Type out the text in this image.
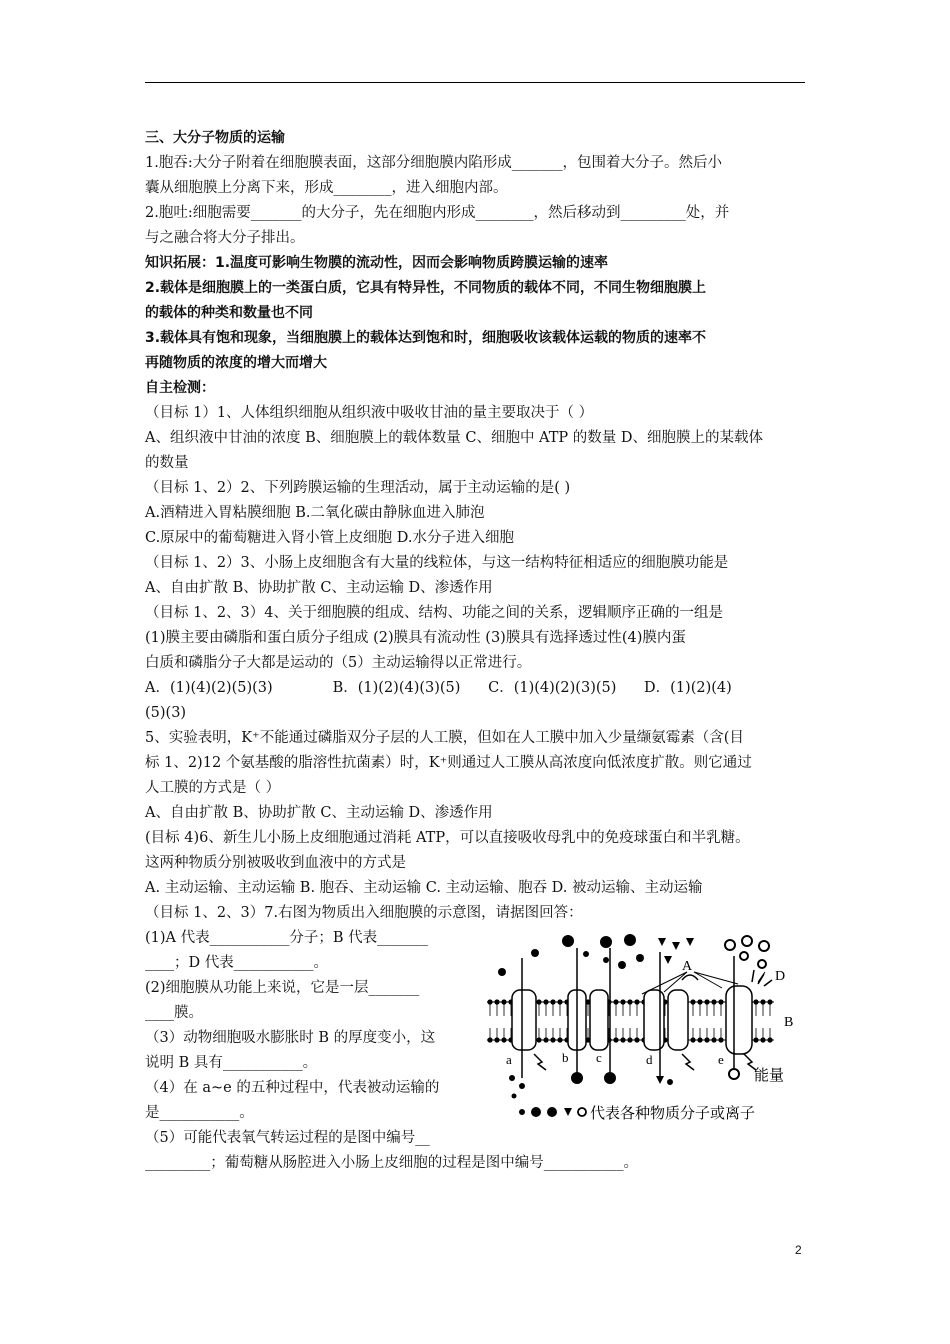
三、大分子物质的运输
1.胞吞:大分子附着在细胞膜表面，这部分细胞膜内陷形成_______，包围着大分子。然后小
囊从细胞膜上分离下来，形成________，进入细胞内部。
2.胞吐:细胞需要_______的大分子，先在细胞内形成________，然后移动到_________处，并
与之融合将大分子排出。
知识拓展：1.温度可影响生物膜的流动性，因而会影响物质跨膜运输的速率
2.载体是细胞膜上的一类蛋白质，它具有特异性，不同物质的载体不同，不同生物细胞膜上
的载体的种类和数量也不同
3.载体具有饱和现象，当细胞膜上的载体达到饱和时，细胞吸收该载体运载的物质的速率不
再随物质的浓度的增大而增大
自主检测：
（目标 1）1、人体组织细胞从组织液中吸收甘油的量主要取决于（ ）
A、组织液中甘油的浓度 B、细胞膜上的载体数量 C、细胞中 ATP 的数量 D、细胞膜上的某载体
的数量
（目标 1、2）2、下列跨膜运输的生理活动，属于主动运输的是( )
A.酒精进入胃粘膜细胞 B.二氧化碳由静脉血进入肺泡
C.原尿中的葡萄糖进入肾小管上皮细胞 D.水分子进入细胞
（目标 1、2）3、小肠上皮细胞含有大量的线粒体，与这一结构特征相适应的细胞膜功能是
A、自由扩散 B、协助扩散 C、主动运输 D、渗透作用
（目标 1、2、3）4、关于细胞膜的组成、结构、功能之间的关系，逻辑顺序正确的一组是
(1)膜主要由磷脂和蛋白质分子组成 (2)膜具有流动性 (3)膜具有选择透过性(4)膜内蛋
白质和磷脂分子大都是运动的（5）主动运输得以正常进行。
A．(1)(4)(2)(5)(3)             B．(1)(2)(4)(3)(5)      C．(1)(4)(2)(3)(5)      D．(1)(2)(4)
(5)(3)
5、实验表明，K⁺不能通过磷脂双分子层的人工膜，但如在人工膜中加入少量缬氨霉素（含(目
标 1、2)12 个氨基酸的脂溶性抗菌素）时，K⁺则通过人工膜从高浓度向低浓度扩散。则它通过
人工膜的方式是（ ）
A、自由扩散 B、协助扩散 C、主动运输 D、渗透作用
(目标 4)6、新生儿小肠上皮细胞通过消耗 ATP，可以直接吸收母乳中的免疫球蛋白和半乳糖。
这两种物质分别被吸收到血液中的方式是
A. 主动运输、主动运输 B. 胞吞、主动运输 C. 主动运输、胞吞 D. 被动运输、主动运输
（目标 1、2、3）7.右图为物质出入细胞膜的示意图，请据图回答：
(1)A 代表___________分子；B 代表_______
____；D 代表___________。
(2)细胞膜从功能上来说，它是一层_______
____膜。
（3）动物细胞吸水膨胀时 B 的厚度变小，这
说明 B 具有___________。
（4）在 a~e 的五种过程中，代表被动运输的
是___________。
（5）可能代表氧气转运过程的是图中编号__
_________；葡萄糖从肠腔进入小肠上皮细胞的过程是图中编号___________。
A
D
B
a	b c	d	e
能量
代表各种物质分子或离子
2
